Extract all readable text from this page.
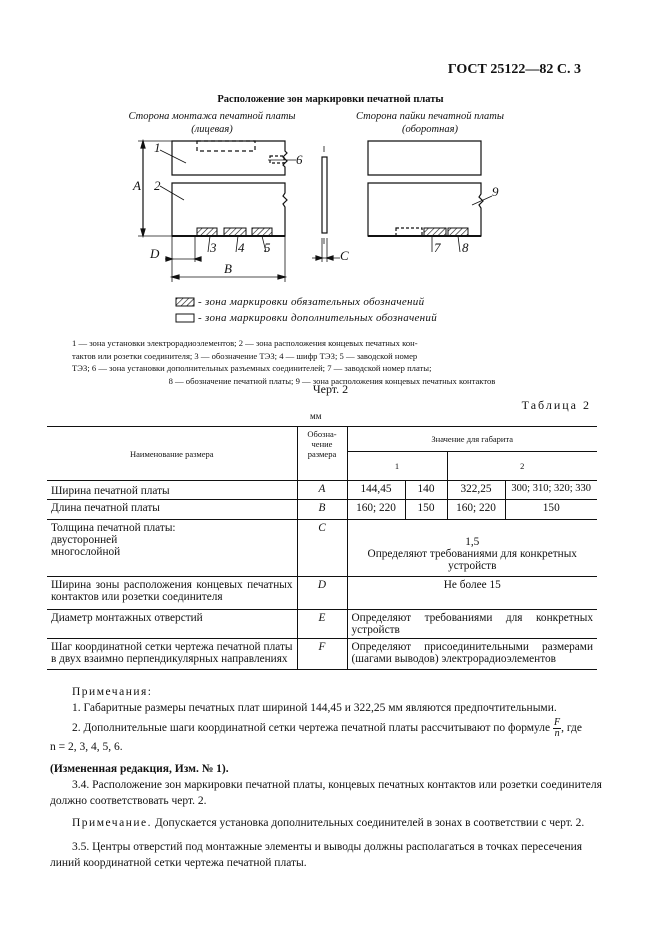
ГОСТ 25122—82 С. 3
Расположение зон маркировки печатной платы
Сторона монтажа печатной платы
(лицевая)
Сторона пайки печатной платы
(оборотная)
1
2
3 4 5
6
7 8
9
A
B
C
D
- зона маркировки обязательных обозначений
- зона маркировки дополнительных обозначений
1 — зона установки электрорадиоэлементов; 2 — зона расположения концевых печатных кон-
тактов или розетки соединителя; 3 — обозначение ТЭЗ; 4 — шифр ТЭЗ; 5 — заводской номер
ТЭЗ; 6 — зона установки дополнительных разъемных соединителей; 7 — заводской номер платы;
8 — обозначение печатной платы; 9 — зона расположения концевых печатных контактов
Черт. 2
Таблица 2
мм
Наименование размера	Обозна-
чение
размера	Значение для габарита			
		1		2	
Ширина печатной платы	A	144,45	140	322,25	300; 310; 320; 330
Длина печатной платы	B	160; 220	150	160; 220	150
Толщина печатной платы:
двусторонней
многослойной	C	1,5
Определяют требованиями для конкретных устройств			
Ширина зоны расположения концевых печатных контактов или розетки соединителя	D	Не более 15			
Диаметр монтажных отверстий	E	Определяют требованиями для конкретных устройств			
Шаг координатной сетки чертежа печатной платы в двух взаимно перпендикулярных направлениях	F	Определяют присоединительными размерами (шагами выводов) электрорадиоэлементов			

Примечания:

1. Габаритные размеры печатных плат шириной 144,45 и 322,25 мм являются предпочтительными.

2. Дополнительные шаги координатной сетки чертежа печатной платы рассчитывают по формуле $\frac{F}{n}$ , где

n = 2, 3, 4, 5, 6.

(Измененная редакция, Изм. № 1).

3.4. Расположение зон маркировки печатной платы, концевых печатных контактов или розетки соединителя должно соответствовать черт. 2.

Примечание. Допускается установка дополнительных соединителей в зонах в соответствии с черт. 2.

3.5. Центры отверстий под монтажные элементы и выводы должны располагаться в точках пересечения линий координатной сетки чертежа печатной платы.
